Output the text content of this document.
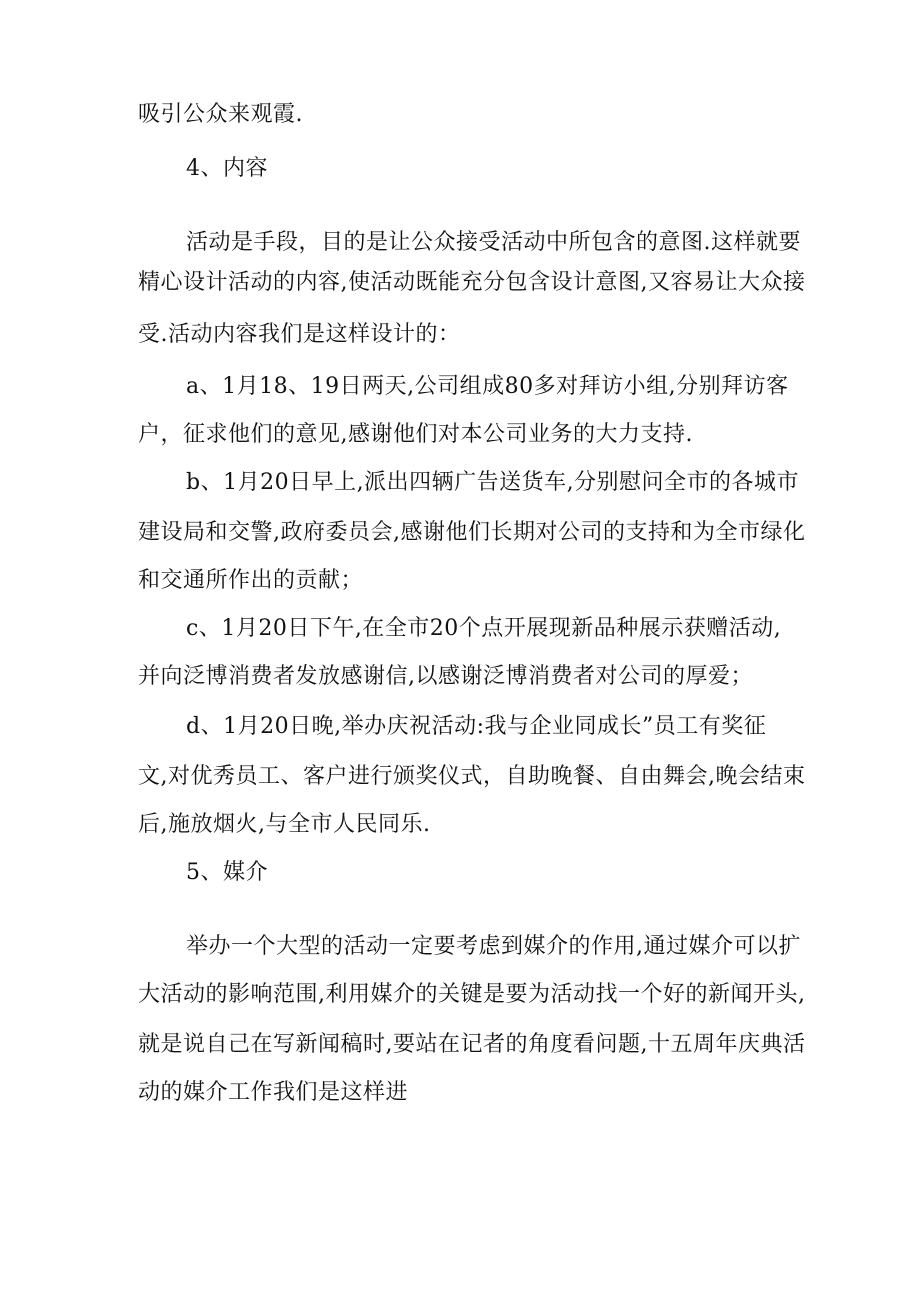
吸引公众来观霞.
4、内容
活动是手段，目的是让公众接受活动中所包含的意图.这样就要
精心设计活动的内容,使活动既能充分包含设计意图,又容易让大众接
受.活动内容我们是这样设计的：
a、1月18、19日两天,公司组成80多对拜访小组,分别拜访客
户，征求他们的意见,感谢他们对本公司业务的大力支持.
b、1月20日早上,派出四辆广告送货车,分别慰问全市的各城市
建设局和交警,政府委员会,感谢他们长期对公司的支持和为全市绿化
和交通所作出的贡献；
c、1月20日下午,在全市20个点开展现新品种展示获赠活动,
并向泛博消费者发放感谢信,以感谢泛博消费者对公司的厚爱；
d、1月20日晚,举办庆祝活动:我与企业同成长”员工有奖征
文,对优秀员工、客户进行颁奖仪式，自助晚餐、自由舞会,晚会结束
后,施放烟火,与全市人民同乐.
5、媒介
举办一个大型的活动一定要考虑到媒介的作用,通过媒介可以扩
大活动的影响范围,利用媒介的关键是要为活动找一个好的新闻开头,
就是说自己在写新闻稿时,要站在记者的角度看问题,十五周年庆典活
动的媒介工作我们是这样进
